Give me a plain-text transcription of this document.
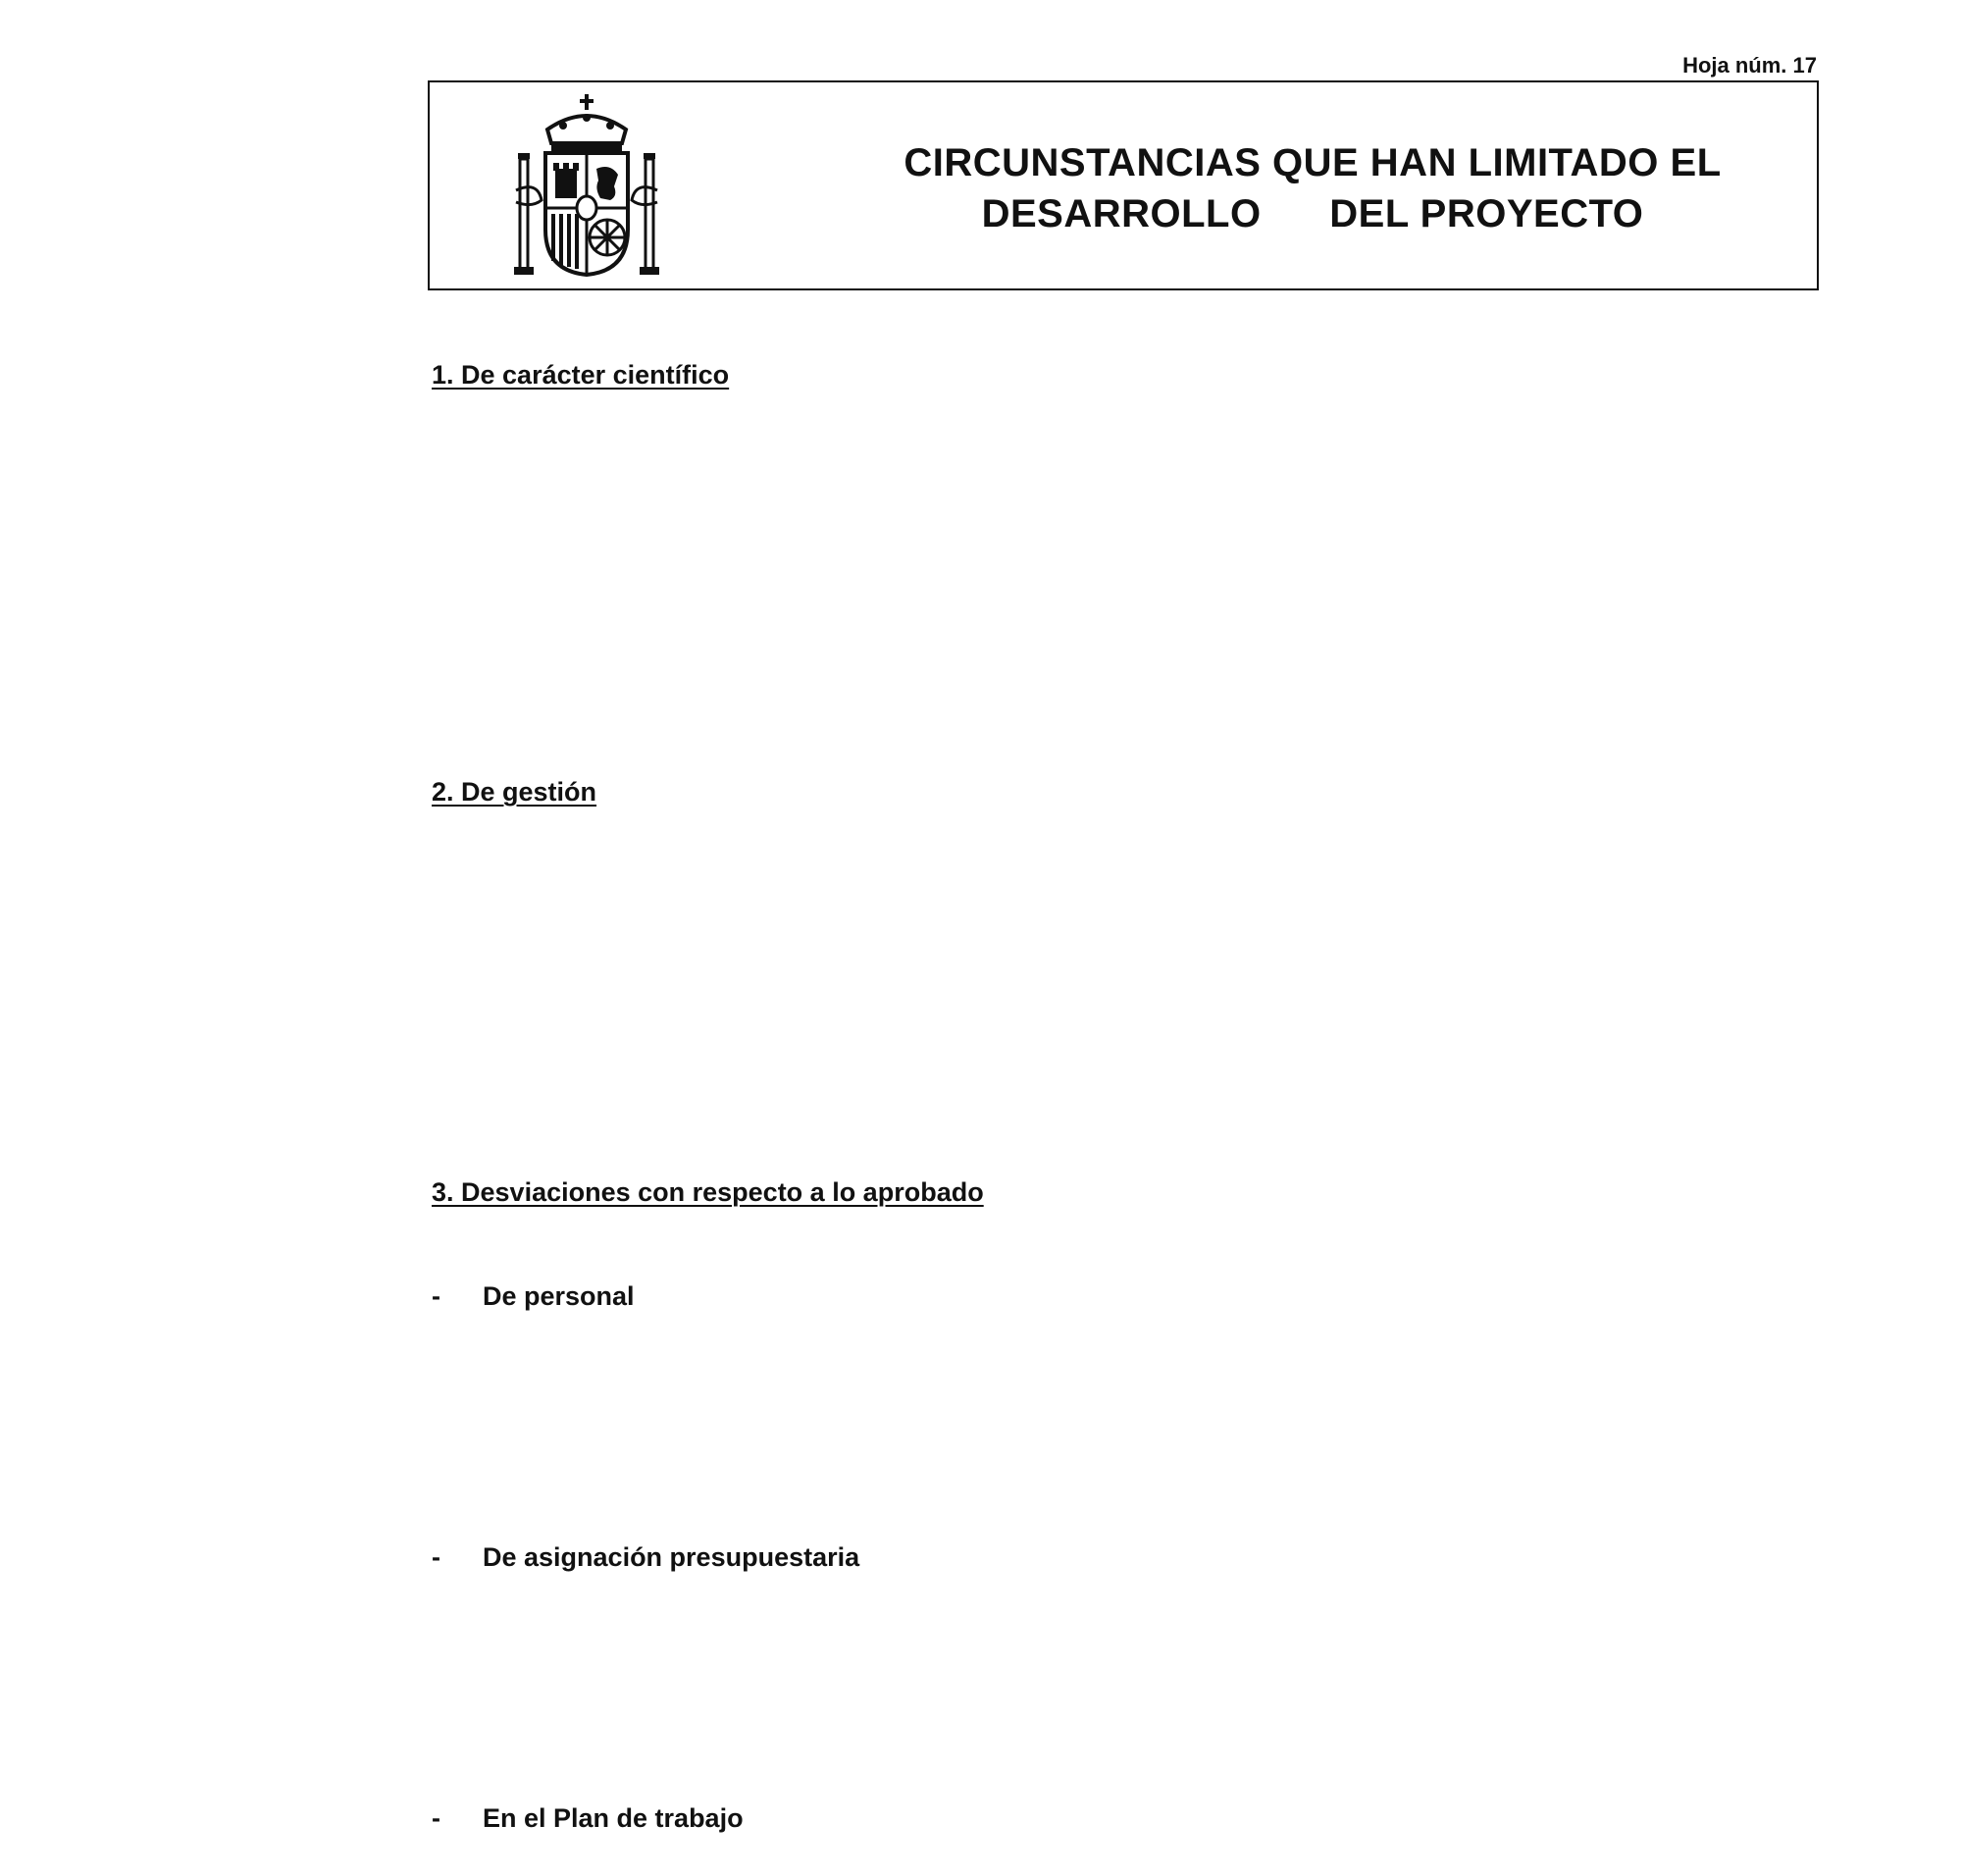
Hoja núm. 17
CIRCUNSTANCIAS QUE HAN LIMITADO EL
DESARROLLO      DEL PROYECTO
1. De carácter científico
2. De gestión
3. Desviaciones con respecto a lo aprobado
- De personal
- De asignación presupuestaria
- En el Plan de trabajo
